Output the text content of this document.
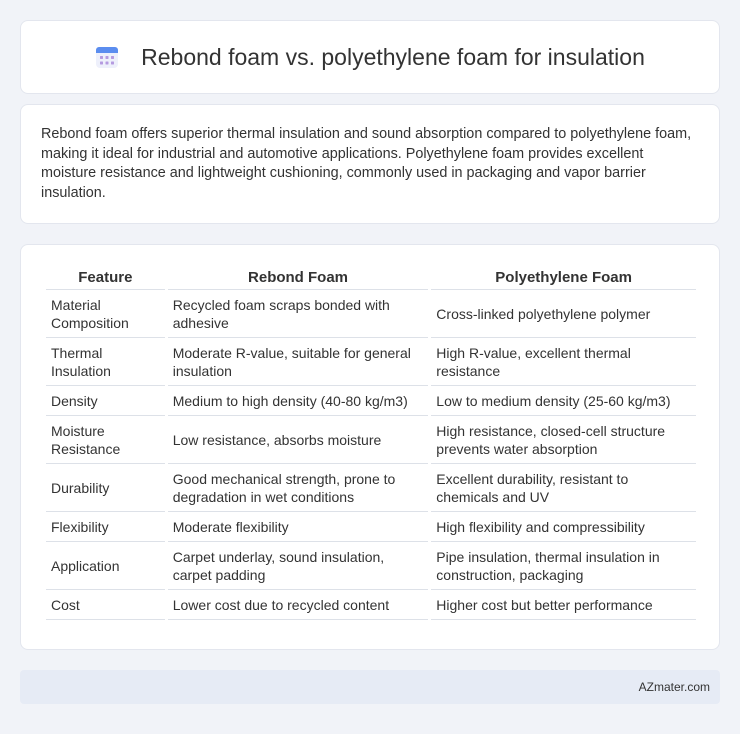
Rebond foam vs. polyethylene foam for insulation

Rebond foam offers superior thermal insulation and sound absorption compared to polyethylene foam, making it ideal for industrial and automotive applications. Polyethylene foam provides excellent moisture resistance and lightweight cushioning, commonly used in packaging and vapor barrier insulation.

Feature	Rebond Foam	Polyethylene Foam
Material Composition	Recycled foam scraps bonded with adhesive	Cross-linked polyethylene polymer
Thermal Insulation	Moderate R-value, suitable for general insulation	High R-value, excellent thermal resistance
Density	Medium to high density (40-80 kg/m3)	Low to medium density (25-60 kg/m3)
Moisture Resistance	Low resistance, absorbs moisture	High resistance, closed-cell structure prevents water absorption
Durability	Good mechanical strength, prone to degradation in wet conditions	Excellent durability, resistant to chemicals and UV
Flexibility	Moderate flexibility	High flexibility and compressibility
Application	Carpet underlay, sound insulation, carpet padding	Pipe insulation, thermal insulation in construction, packaging
Cost	Lower cost due to recycled content	Higher cost but better performance
AZmater.com
